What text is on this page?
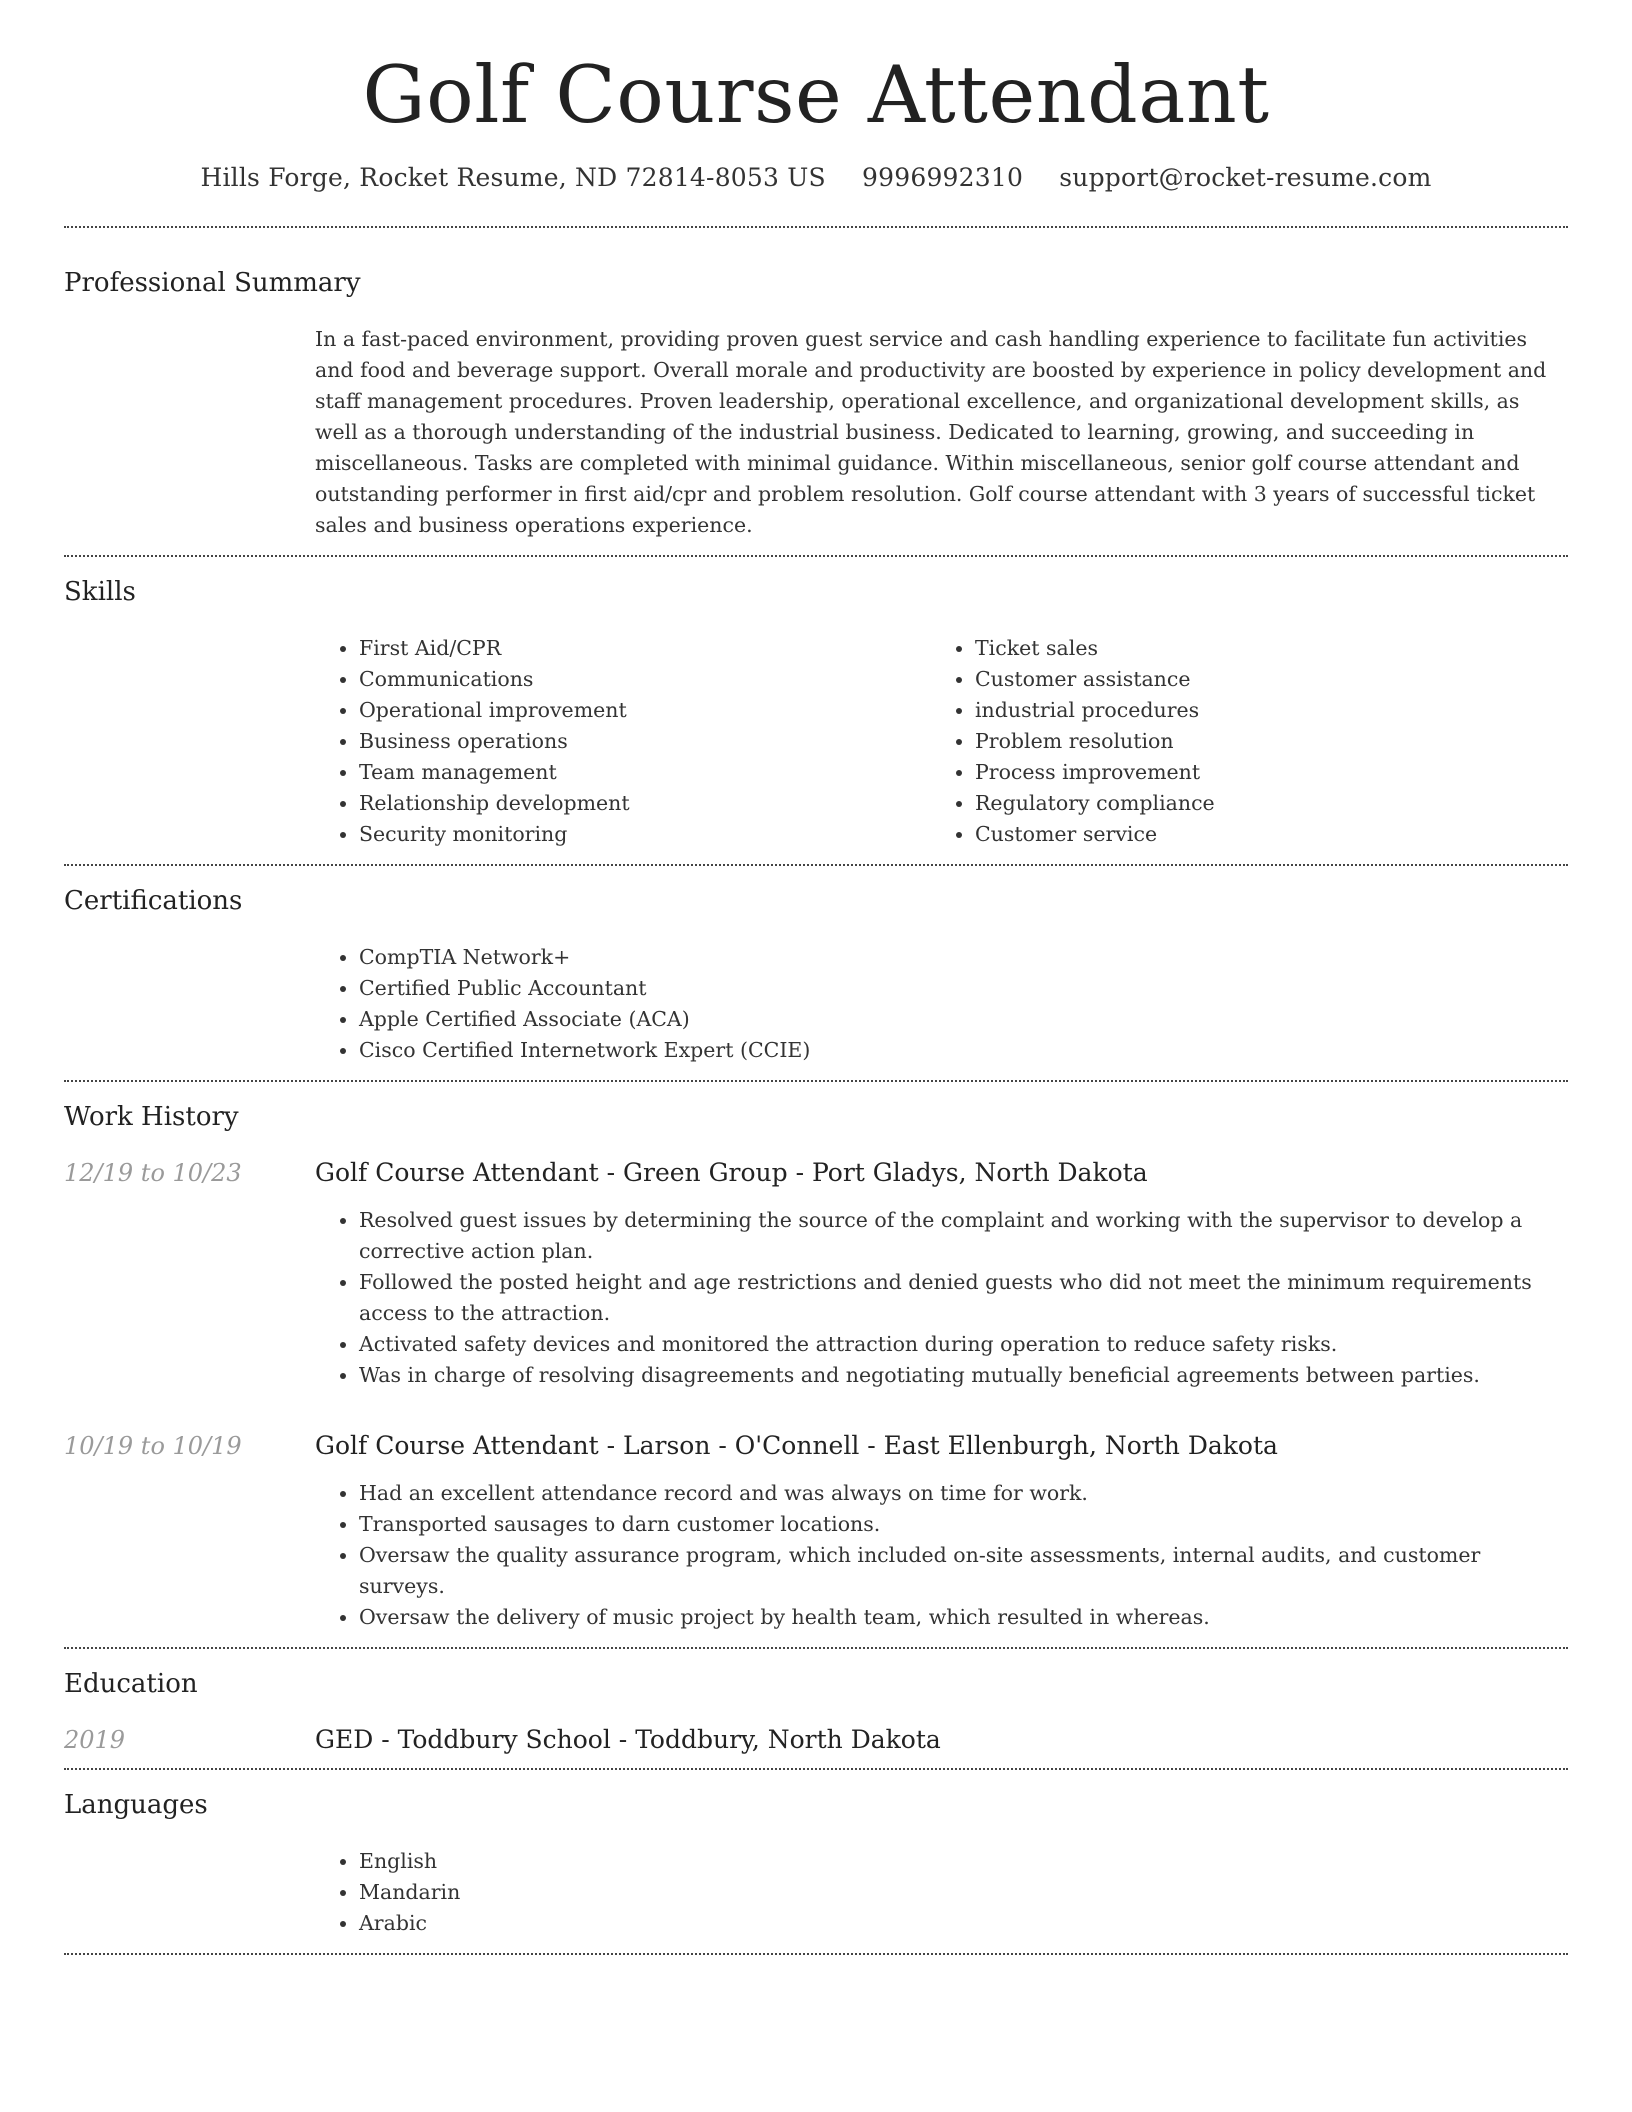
Golf Course Attendant
Hills Forge, Rocket Resume, ND 72814-8053 US 9996992310 support@rocket-resume.com
Professional Summary

In a fast-paced environment, providing proven guest service and cash handling experience to facilitate fun activities and food and beverage support. Overall morale and productivity are boosted by experience in policy development and staff management procedures. Proven leadership, operational excellence, and organizational development skills, as well as a thorough understanding of the industrial business. Dedicated to learning, growing, and succeeding in miscellaneous. Tasks are completed with minimal guidance. Within miscellaneous, senior golf course attendant and outstanding performer in first aid/cpr and problem resolution. Golf course attendant with 3 years of successful ticket sales and business operations experience.

Skills
• First Aid/CPR
• Communications
• Operational improvement
• Business operations
• Team management
• Relationship development
• Security monitoring
• Ticket sales
• Customer assistance
• industrial procedures
• Problem resolution
• Process improvement
• Regulatory compliance
• Customer service
Certifications
• CompTIA Network+
• Certified Public Accountant
• Apple Certified Associate (ACA)
• Cisco Certified Internetwork Expert (CCIE)
Work History
12/19 to 10/23	Golf Course Attendant - Green Group - Port Gladys, North Dakota
• Resolved guest issues by determining the source of the complaint and working with the supervisor to develop a corrective action plan.
• Followed the posted height and age restrictions and denied guests who did not meet the minimum requirements access to the attraction.
• Activated safety devices and monitored the attraction during operation to reduce safety risks.
• Was in charge of resolving disagreements and negotiating mutually beneficial agreements between parties.
10/19 to 10/19	Golf Course Attendant - Larson - O'Connell - East Ellenburgh, North Dakota
• Had an excellent attendance record and was always on time for work.
• Transported sausages to darn customer locations.
• Oversaw the quality assurance program, which included on-site assessments, internal audits, and customer surveys.
• Oversaw the delivery of music project by health team, which resulted in whereas.
Education
2019	GED - Toddbury School - Toddbury, North Dakota
Languages
• English
• Mandarin
• Arabic
